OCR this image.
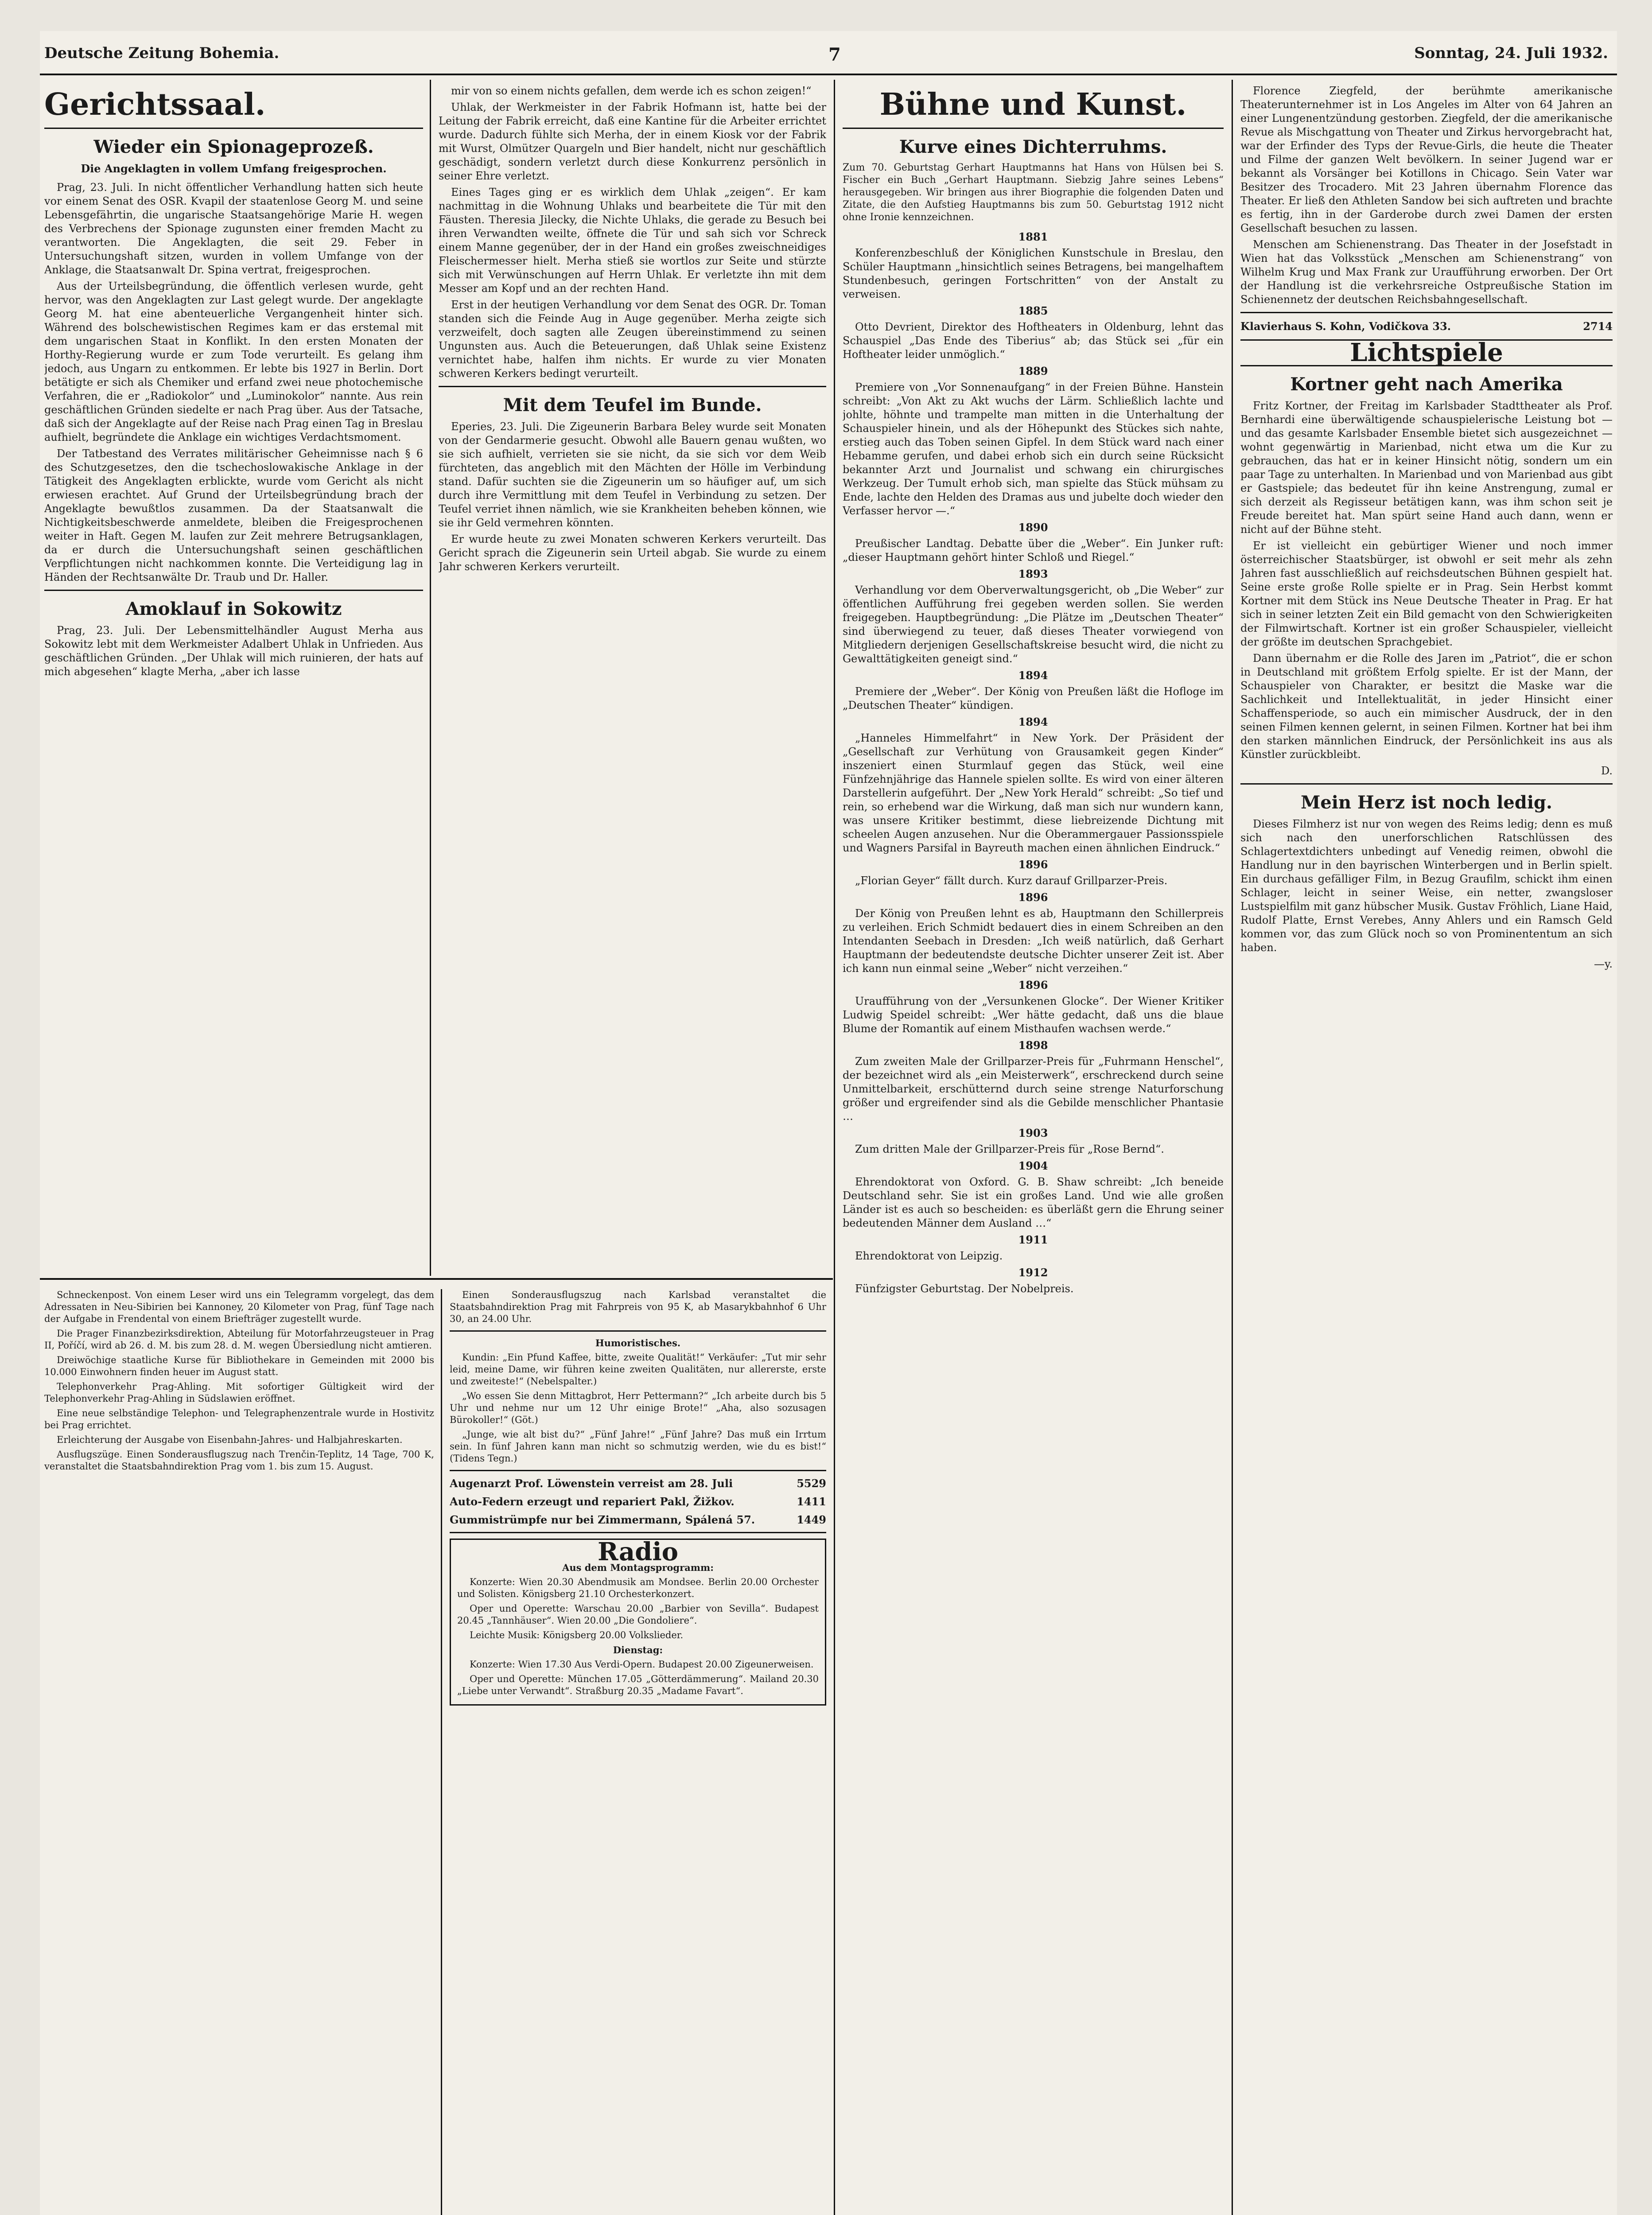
Deutsche Zeitung Bohemia.	7	Sonntag, 24. Juli 1932.
Gerichtssaal.
Wieder ein Spionageprozeß.
Die Angeklagten in vollem Umfang freigesprochen.

Prag, 23. Juli. In nicht öffentlicher Verhandlung hatten sich heute vor einem Senat des OSR. Kvapil der staatenlose Georg M. und seine Lebensgefährtin, die ungarische Staatsangehörige Marie H. wegen des Verbrechens der Spionage zugunsten einer fremden Macht zu verantworten. Die Angeklagten, die seit 29. Feber in Untersuchungshaft sitzen, wurden in vollem Umfange von der Anklage, die Staatsanwalt Dr. Spina vertrat, freigesprochen.

Aus der Urteilsbegründung, die öffentlich verlesen wurde, geht hervor, was den Angeklagten zur Last gelegt wurde. Der angeklagte Georg M. hat eine abenteuerliche Vergangenheit hinter sich. Während des bolschewistischen Regimes kam er das erstemal mit dem ungarischen Staat in Konflikt. In den ersten Monaten der Horthy-Regierung wurde er zum Tode verurteilt. Es gelang ihm jedoch, aus Ungarn zu entkommen. Er lebte bis 1927 in Berlin. Dort betätigte er sich als Chemiker und erfand zwei neue photochemische Verfahren, die er „Radiokolor“ und „Luminokolor“ nannte. Aus rein geschäftlichen Gründen siedelte er nach Prag über. Aus der Tatsache, daß sich der Angeklagte auf der Reise nach Prag einen Tag in Breslau aufhielt, begründete die Anklage ein wichtiges Verdachtsmoment.

Der Tatbestand des Verrates militärischer Geheimnisse nach § 6 des Schutzgesetzes, den die tschechoslowakische Anklage in der Tätigkeit des Angeklagten erblickte, wurde vom Gericht als nicht erwiesen erachtet. Auf Grund der Urteilsbegründung brach der Angeklagte bewußtlos zusammen. Da der Staatsanwalt die Nichtigkeitsbeschwerde anmeldete, bleiben die Freigesprochenen weiter in Haft. Gegen M. laufen zur Zeit mehrere Betrugsanklagen, da er durch die Untersuchungshaft seinen geschäftlichen Verpflichtungen nicht nachkommen konnte. Die Verteidigung lag in Händen der Rechtsanwälte Dr. Traub und Dr. Haller.

Amoklauf in Sokowitz

Prag, 23. Juli. Der Lebensmittelhändler August Merha aus Sokowitz lebt mit dem Werkmeister Adalbert Uhlak in Unfrieden. Aus geschäftlichen Gründen. „Der Uhlak will mich ruinieren, der hats auf mich abgesehen“ klagte Merha, „aber ich lasse

mir von so einem nichts gefallen, dem werde ich es schon zeigen!“

Uhlak, der Werkmeister in der Fabrik Hofmann ist, hatte bei der Leitung der Fabrik erreicht, daß eine Kantine für die Arbeiter errichtet wurde. Dadurch fühlte sich Merha, der in einem Kiosk vor der Fabrik mit Wurst, Olmützer Quargeln und Bier handelt, nicht nur geschäftlich geschädigt, sondern verletzt durch diese Konkurrenz persönlich in seiner Ehre verletzt.

Eines Tages ging er es wirklich dem Uhlak „zeigen“. Er kam nachmittag in die Wohnung Uhlaks und bearbeitete die Tür mit den Fäusten. Theresia Jilecky, die Nichte Uhlaks, die gerade zu Besuch bei ihren Verwandten weilte, öffnete die Tür und sah sich vor Schreck einem Manne gegenüber, der in der Hand ein großes zweischneidiges Fleischermesser hielt. Merha stieß sie wortlos zur Seite und stürzte sich mit Verwünschungen auf Herrn Uhlak. Er verletzte ihn mit dem Messer am Kopf und an der rechten Hand.

Erst in der heutigen Verhandlung vor dem Senat des OGR. Dr. Toman standen sich die Feinde Aug in Auge gegenüber. Merha zeigte sich verzweifelt, doch sagten alle Zeugen übereinstimmend zu seinen Ungunsten aus. Auch die Beteuerungen, daß Uhlak seine Existenz vernichtet habe, halfen ihm nichts. Er wurde zu vier Monaten schweren Kerkers bedingt verurteilt.

Mit dem Teufel im Bunde.

Eperies, 23. Juli. Die Zigeunerin Barbara Beley wurde seit Monaten von der Gendarmerie gesucht. Obwohl alle Bauern genau wußten, wo sie sich aufhielt, verrieten sie sie nicht, da sie sich vor dem Weib fürchteten, das angeblich mit den Mächten der Hölle im Verbindung stand. Dafür suchten sie die Zigeunerin um so häufiger auf, um sich durch ihre Vermittlung mit dem Teufel in Verbindung zu setzen. Der Teufel verriet ihnen nämlich, wie sie Krankheiten beheben können, wie sie ihr Geld vermehren könnten.

Er wurde heute zu zwei Monaten schweren Kerkers verurteilt. Das Gericht sprach die Zigeunerin sein Urteil abgab. Sie wurde zu einem Jahr schweren Kerkers verurteilt.

Schneckenpost. Von einem Leser wird uns ein Telegramm vorgelegt, das dem Adressaten in Neu-Sibirien bei Kannoney, 20 Kilometer von Prag, fünf Tage nach der Aufgabe in Frendental von einem Briefträger zugestellt wurde.

Die Prager Finanzbezirksdirektion, Abteilung für Motorfahrzeugsteuer in Prag II, Poříčí, wird ab 26. d. M. bis zum 28. d. M. wegen Übersiedlung nicht amtieren.

Dreiwöchige staatliche Kurse für Bibliothekare in Gemeinden mit 2000 bis 10.000 Einwohnern finden heuer im August statt.

Telephonverkehr Prag-Ahling. Mit sofortiger Gültigkeit wird der Telephonverkehr Prag-Ahling in Südslawien eröffnet.

Eine neue selbständige Telephon- und Telegraphenzentrale wurde in Hostivitz bei Prag errichtet.

Erleichterung der Ausgabe von Eisenbahn-Jahres- und Halbjahreskarten.

Ausflugszüge. Einen Sonderausflugszug nach Trenčin-Teplitz, 14 Tage, 700 K, veranstaltet die Staatsbahndirektion Prag vom 1. bis zum 15. August.

Einen Sonderausflugszug nach Karlsbad veranstaltet die Staatsbahndirektion Prag mit Fahrpreis von 95 K, ab Masarykbahnhof 6 Uhr 30, an 24.00 Uhr.

Humoristisches.

Kundin: „Ein Pfund Kaffee, bitte, zweite Qualität!“ Verkäufer: „Tut mir sehr leid, meine Dame, wir führen keine zweiten Qualitäten, nur allererste, erste und zweiteste!“ (Nebelspalter.)

„Wo essen Sie denn Mittagbrot, Herr Pettermann?“ „Ich arbeite durch bis 5 Uhr und nehme nur um 12 Uhr einige Brote!“ „Aha, also sozusagen Bürokoller!“ (Göt.)

„Junge, wie alt bist du?“ „Fünf Jahre!“ „Fünf Jahre? Das muß ein Irrtum sein. In fünf Jahren kann man nicht so schmutzig werden, wie du es bist!“ (Tidens Tegn.)

Augenarzt Prof. Löwenstein verreist am 28. Juli	5529
Auto-Federn erzeugt und repariert Pakl, Žižkov.	1411
Gummistrümpfe nur bei Zimmermann, Spálená 57.	1449
Radio

Aus dem Montagsprogramm:

Konzerte: Wien 20.30 Abendmusik am Mondsee. Berlin 20.00 Orchester und Solisten. Königsberg 21.10 Orchesterkonzert.

Oper und Operette: Warschau 20.00 „Barbier von Sevilla“. Budapest 20.45 „Tannhäuser“. Wien 20.00 „Die Gondoliere“.

Leichte Musik: Königsberg 20.00 Volkslieder.

Dienstag:

Konzerte: Wien 17.30 Aus Verdi-Opern. Budapest 20.00 Zigeunerweisen.

Oper und Operette: München 17.05 „Götterdämmerung“. Mailand 20.30 „Liebe unter Verwandt“. Straßburg 20.35 „Madame Favart“.

Bühne und Kunst.
Kurve eines Dichterruhms.
Zum 70. Geburtstag Gerhart Hauptmanns hat Hans von Hülsen bei S. Fischer ein Buch „Gerhart Hauptmann. Siebzig Jahre seines Lebens“ herausgegeben. Wir bringen aus ihrer Biographie die folgenden Daten und Zitate, die den Aufstieg Hauptmanns bis zum 50. Geburtstag 1912 nicht ohne Ironie kennzeichnen.

1881

Konferenzbeschluß der Königlichen Kunstschule in Breslau, den Schüler Hauptmann „hinsichtlich seines Betragens, bei mangelhaftem Stundenbesuch, geringen Fortschritten“ von der Anstalt zu verweisen.

1885

Otto Devrient, Direktor des Hoftheaters in Oldenburg, lehnt das Schauspiel „Das Ende des Tiberius“ ab; das Stück sei „für ein Hoftheater leider unmöglich.“

1889

Premiere von „Vor Sonnenaufgang“ in der Freien Bühne. Hanstein schreibt: „Von Akt zu Akt wuchs der Lärm. Schließlich lachte und johlte, höhnte und trampelte man mitten in die Unterhaltung der Schauspieler hinein, und als der Höhepunkt des Stückes sich nahte, erstieg auch das Toben seinen Gipfel. In dem Stück ward nach einer Hebamme gerufen, und dabei erhob sich ein durch seine Rücksicht bekannter Arzt und Journalist und schwang ein chirurgisches Werkzeug. Der Tumult erhob sich, man spielte das Stück mühsam zu Ende, lachte den Helden des Dramas aus und jubelte doch wieder den Verfasser hervor —.“

1890

Preußischer Landtag. Debatte über die „Weber“. Ein Junker ruft: „dieser Hauptmann gehört hinter Schloß und Riegel.“

1893

Verhandlung vor dem Oberverwaltungsgericht, ob „Die Weber“ zur öffentlichen Aufführung frei gegeben werden sollen. Sie werden freigegeben. Hauptbegründung: „Die Plätze im „Deutschen Theater“ sind überwiegend zu teuer, daß dieses Theater vorwiegend von Mitgliedern derjenigen Gesellschaftskreise besucht wird, die nicht zu Gewalttätigkeiten geneigt sind.“

1894

Premiere der „Weber“. Der König von Preußen läßt die Hofloge im „Deutschen Theater“ kündigen.

1894

„Hanneles Himmelfahrt“ in New York. Der Präsident der „Gesellschaft zur Verhütung von Grausamkeit gegen Kinder“ inszeniert einen Sturmlauf gegen das Stück, weil eine Fünfzehnjährige das Hannele spielen sollte. Es wird von einer älteren Darstellerin aufgeführt. Der „New York Herald“ schreibt: „So tief und rein, so erhebend war die Wirkung, daß man sich nur wundern kann, was unsere Kritiker bestimmt, diese liebreizende Dichtung mit scheelen Augen anzusehen. Nur die Oberammergauer Passionsspiele und Wagners Parsifal in Bayreuth machen einen ähnlichen Eindruck.“

1896

„Florian Geyer“ fällt durch. Kurz darauf Grillparzer-Preis.

1896

Der König von Preußen lehnt es ab, Hauptmann den Schillerpreis zu verleihen. Erich Schmidt bedauert dies in einem Schreiben an den Intendanten Seebach in Dresden: „Ich weiß natürlich, daß Gerhart Hauptmann der bedeutendste deutsche Dichter unserer Zeit ist. Aber ich kann nun einmal seine „Weber“ nicht verzeihen.“

1896

Uraufführung von der „Versunkenen Glocke“. Der Wiener Kritiker Ludwig Speidel schreibt: „Wer hätte gedacht, daß uns die blaue Blume der Romantik auf einem Misthaufen wachsen werde.“

1898

Zum zweiten Male der Grillparzer-Preis für „Fuhrmann Henschel“, der bezeichnet wird als „ein Meisterwerk“, erschreckend durch seine Unmittelbarkeit, erschütternd durch seine strenge Naturforschung größer und ergreifender sind als die Gebilde menschlicher Phantasie …

1903

Zum dritten Male der Grillparzer-Preis für „Rose Bernd“.

1904

Ehrendoktorat von Oxford. G. B. Shaw schreibt: „Ich beneide Deutschland sehr. Sie ist ein großes Land. Und wie alle großen Länder ist es auch so bescheiden: es überläßt gern die Ehrung seiner bedeutenden Männer dem Ausland …“

1911

Ehrendoktorat von Leipzig.

1912

Fünfzigster Geburtstag. Der Nobelpreis.

Florence Ziegfeld, der berühmte amerikanische Theaterunternehmer ist in Los Angeles im Alter von 64 Jahren an einer Lungenentzündung gestorben. Ziegfeld, der die amerikanische Revue als Mischgattung von Theater und Zirkus hervorgebracht hat, war der Erfinder des Typs der Revue-Girls, die heute die Theater und Filme der ganzen Welt bevölkern. In seiner Jugend war er bekannt als Vorsänger bei Kotillons in Chicago. Sein Vater war Besitzer des Trocadero. Mit 23 Jahren übernahm Florence das Theater. Er ließ den Athleten Sandow bei sich auftreten und brachte es fertig, ihn in der Garderobe durch zwei Damen der ersten Gesellschaft besuchen zu lassen.

Menschen am Schienenstrang. Das Theater in der Josefstadt in Wien hat das Volksstück „Menschen am Schienenstrang“ von Wilhelm Krug und Max Frank zur Uraufführung erworben. Der Ort der Handlung ist die verkehrsreiche Ostpreußische Station im Schienennetz der deutschen Reichsbahngesellschaft.

Klavierhaus S. Kohn, Vodičkova 33.	2714
Lichtspiele
Kortner geht nach Amerika

Fritz Kortner, der Freitag im Karlsbader Stadttheater als Prof. Bernhardi eine überwältigende schauspielerische Leistung bot — und das gesamte Karlsbader Ensemble bietet sich ausgezeichnet — wohnt gegenwärtig in Marienbad, nicht etwa um die Kur zu gebrauchen, das hat er in keiner Hinsicht nötig, sondern um ein paar Tage zu unterhalten. In Marienbad und von Marienbad aus gibt er Gastspiele; das bedeutet für ihn keine Anstrengung, zumal er sich derzeit als Regisseur betätigen kann, was ihm schon seit je Freude bereitet hat. Man spürt seine Hand auch dann, wenn er nicht auf der Bühne steht.

Er ist vielleicht ein gebürtiger Wiener und noch immer österreichischer Staatsbürger, ist obwohl er seit mehr als zehn Jahren fast ausschließlich auf reichsdeutschen Bühnen gespielt hat. Seine erste große Rolle spielte er in Prag. Sein Herbst kommt Kortner mit dem Stück ins Neue Deutsche Theater in Prag. Er hat sich in seiner letzten Zeit ein Bild gemacht von den Schwierigkeiten der Filmwirtschaft. Kortner ist ein großer Schauspieler, vielleicht der größte im deutschen Sprachgebiet.

Dann übernahm er die Rolle des Jaren im „Patriot“, die er schon in Deutschland mit größtem Erfolg spielte. Er ist der Mann, der Schauspieler von Charakter, er besitzt die Maske war die Sachlichkeit und Intellektualität, in jeder Hinsicht einer Schaffensperiode, so auch ein mimischer Ausdruck, der in den seinen Filmen kennen gelernt, in seinen Filmen. Kortner hat bei ihm den starken männlichen Eindruck, der Persönlichkeit ins aus als Künstler zurückbleibt.

D.

Mein Herz ist noch ledig.

Dieses Filmherz ist nur von wegen des Reims ledig; denn es muß sich nach den unerforschlichen Ratschlüssen des Schlagertextdichters unbedingt auf Venedig reimen, obwohl die Handlung nur in den bayrischen Winterbergen und in Berlin spielt. Ein durchaus gefälliger Film, in Bezug Graufilm, schickt ihm einen Schlager, leicht in seiner Weise, ein netter, zwangsloser Lustspielfilm mit ganz hübscher Musik. Gustav Fröhlich, Liane Haid, Rudolf Platte, Ernst Verebes, Anny Ahlers und ein Ramsch Geld kommen vor, das zum Glück noch so von Prominententum an sich haben.

—y.
